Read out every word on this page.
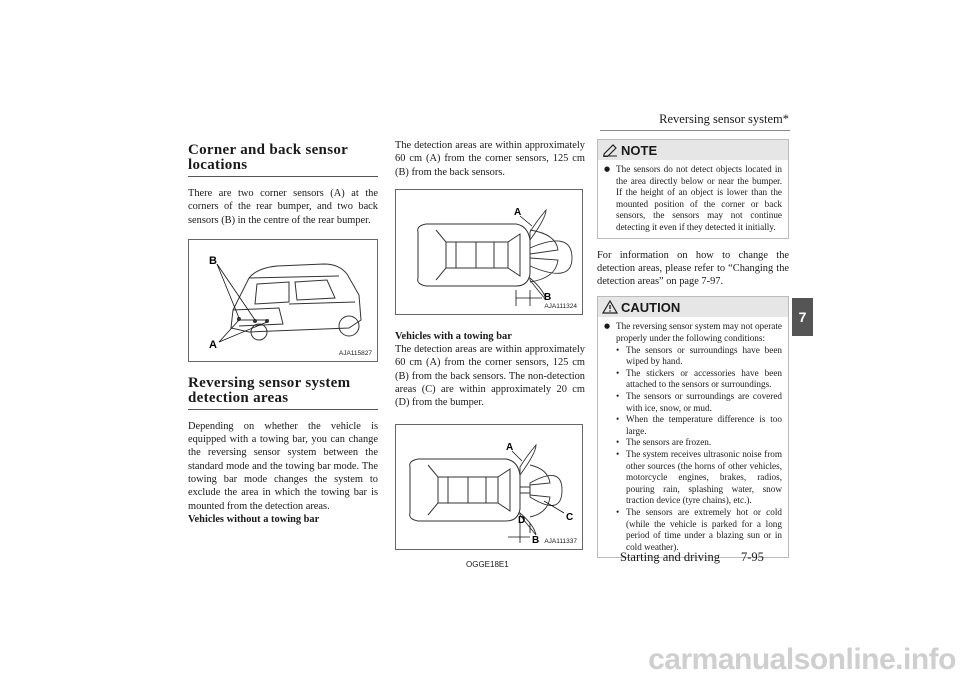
Reversing sensor system*
7
Corner and back sensor locations
There are two corner sensors (A) at the corners of the rear bumper, and two back sensors (B) in the centre of the rear bumper.
B
A
AJA115827
Reversing sensor system detection areas
Depending on whether the vehicle is equipped with a towing bar, you can change the reversing sensor system between the standard mode and the towing bar mode. The towing bar mode changes the system to exclude the area in which the towing bar is mounted from the detection areas.
Vehicles without a towing bar
The detection areas are within approximately 60 cm (A) from the corner sensors, 125 cm (B) from the back sensors.
A
B
AJA111324
Vehicles with a towing bar
The detection areas are within approximately 60 cm (A) from the corner sensors, 125 cm (B) from the back sensors. The non-detection areas (C) are within approximately 20 cm (D) from the bumper.
A
C
D
B AJA111337
NOTE
● The sensors do not detect objects located in the area directly below or near the bumper. If the height of an object is lower than the mounted position of the corner or back sensors, the sensors may not continue detecting it even if they detected it initially.
For information on how to change the detection areas, please refer to “Changing the detection areas” on page 7-97.
CAUTION
● The reversing sensor system may not operate properly under the following conditions:
• The sensors or surroundings have been wiped by hand.
• The stickers or accessories have been attached to the sensors or surroundings.
• The sensors or surroundings are covered with ice, snow, or mud.
• When the temperature difference is too large.
• The sensors are frozen.
• The system receives ultrasonic noise from other sources (the horns of other vehicles, motorcycle engines, brakes, radios, pouring rain, splashing water, snow traction device (tyre chains), etc.).
• The sensors are extremely hot or cold (while the vehicle is parked for a long period of time under a blazing sun or in cold weather).
OGGE18E1
Starting and driving 7-95
carmanualsonline.info
